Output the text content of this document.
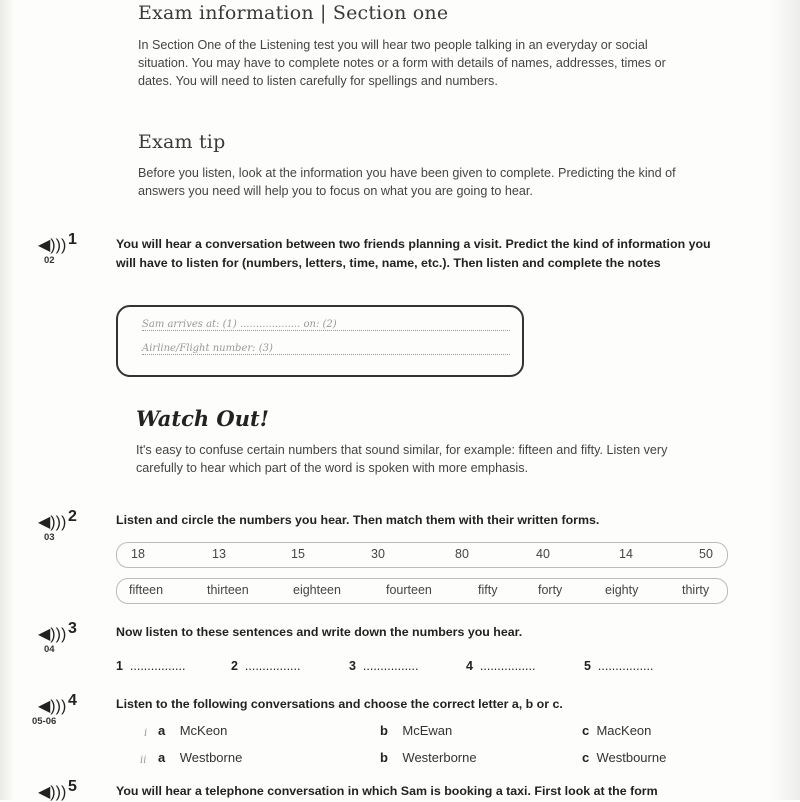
Exam information | Section one
In Section One of the Listening test you will hear two people talking in an everyday or social situation. You may have to complete notes or a form with details of names, addresses, times or dates. You will need to listen carefully for spellings and numbers.
Exam tip
Before you listen, look at the information you have been given to complete. Predicting the kind of answers you need will help you to focus on what you are going to hear.
◀︎))) 1
02
You will hear a conversation between two friends planning a visit. Predict the kind of information you will have to listen for (numbers, letters, time, name, etc.). Then listen and complete the notes
Sam arrives at: (1) ................... on: (2)
Airline/Flight number: (3)
Watch Out!
It's easy to confuse certain numbers that sound similar, for example: fifteen and fifty. Listen very carefully to hear which part of the word is spoken with more emphasis.
◀︎))) 2
03
Listen and circle the numbers you hear. Then match them with their written forms.
18	13	15	30	80	40	14	50
fifteen	thirteen	eighteen	fourteen	fifty	forty	eighty	thirty
◀︎))) 3
04
Now listen to these sentences and write down the numbers you hear.
1 ................	2 ................	3 ................	4 ................	5 ................
◀︎))) 4
05-06
Listen to the following conversations and choose the correct letter a, b or c.
i a McKeon	b McEwan	c MacKeon
ii a Westborne	b Westerborne	c Westbourne
◀︎))) 5	You will hear a telephone conversation in which Sam is booking a taxi. First look at the form
